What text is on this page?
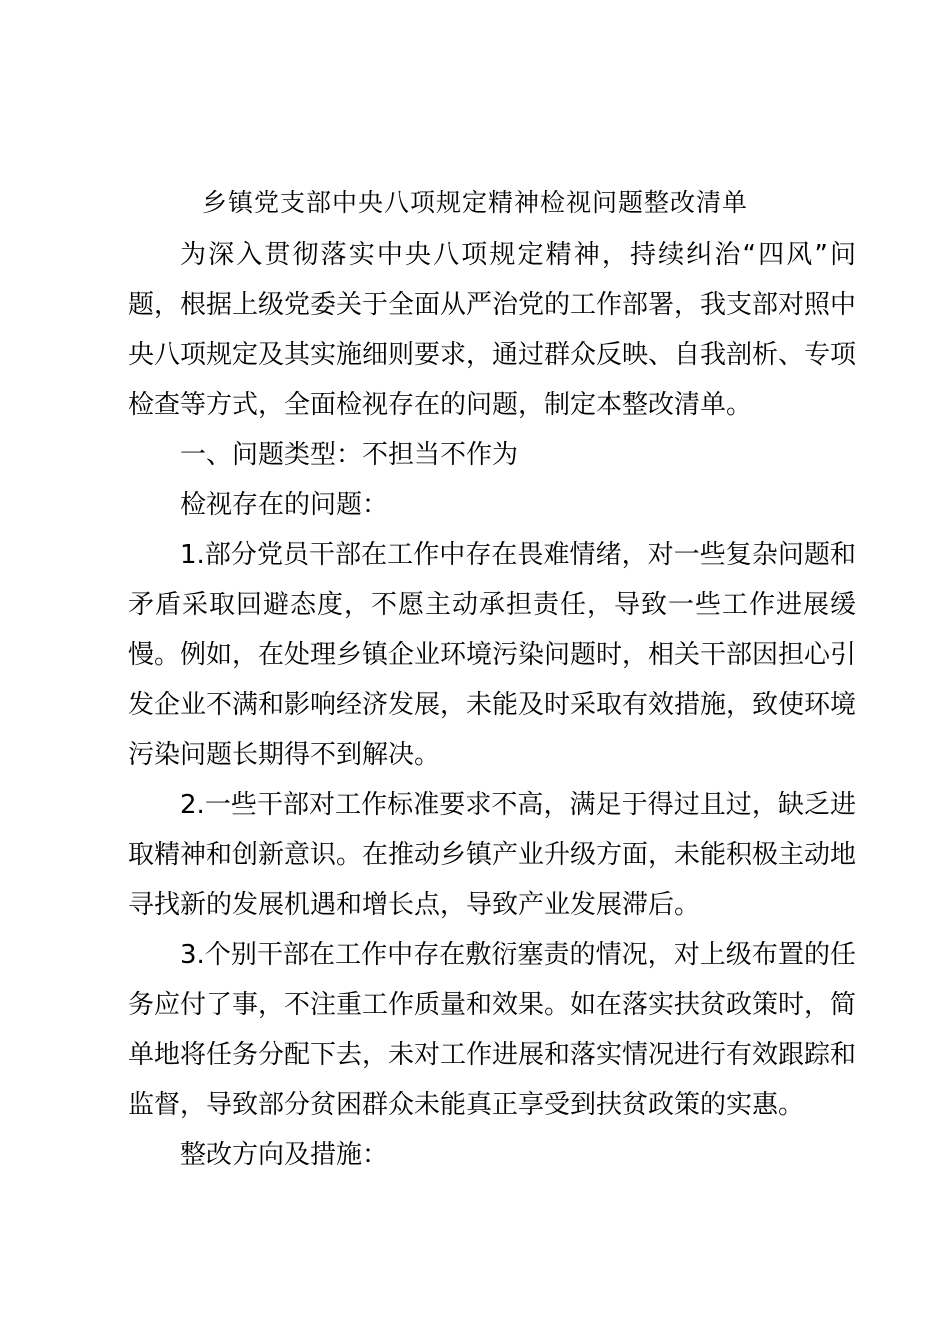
乡镇党支部中央八项规定精神检视问题整改清单

为深入贯彻落实中央八项规定精神，持续纠治“四风”问题，根据上级党委关于全面从严治党的工作部署，我支部对照中央八项规定及其实施细则要求，通过群众反映、自我剖析、专项检查等方式，全面检视存在的问题，制定本整改清单。

一、问题类型：不担当不作为

检视存在的问题：

1.部分党员干部在工作中存在畏难情绪，对一些复杂问题和矛盾采取回避态度，不愿主动承担责任，导致一些工作进展缓慢。例如，在处理乡镇企业环境污染问题时，相关干部因担心引发企业不满和影响经济发展，未能及时采取有效措施，致使环境污染问题长期得不到解决。

2.一些干部对工作标准要求不高，满足于得过且过，缺乏进取精神和创新意识。在推动乡镇产业升级方面，未能积极主动地寻找新的发展机遇和增长点，导致产业发展滞后。

3.个别干部在工作中存在敷衍塞责的情况，对上级布置的任务应付了事，不注重工作质量和效果。如在落实扶贫政策时，简单地将任务分配下去，未对工作进展和落实情况进行有效跟踪和监督，导致部分贫困群众未能真正享受到扶贫政策的实惠。

整改方向及措施：
